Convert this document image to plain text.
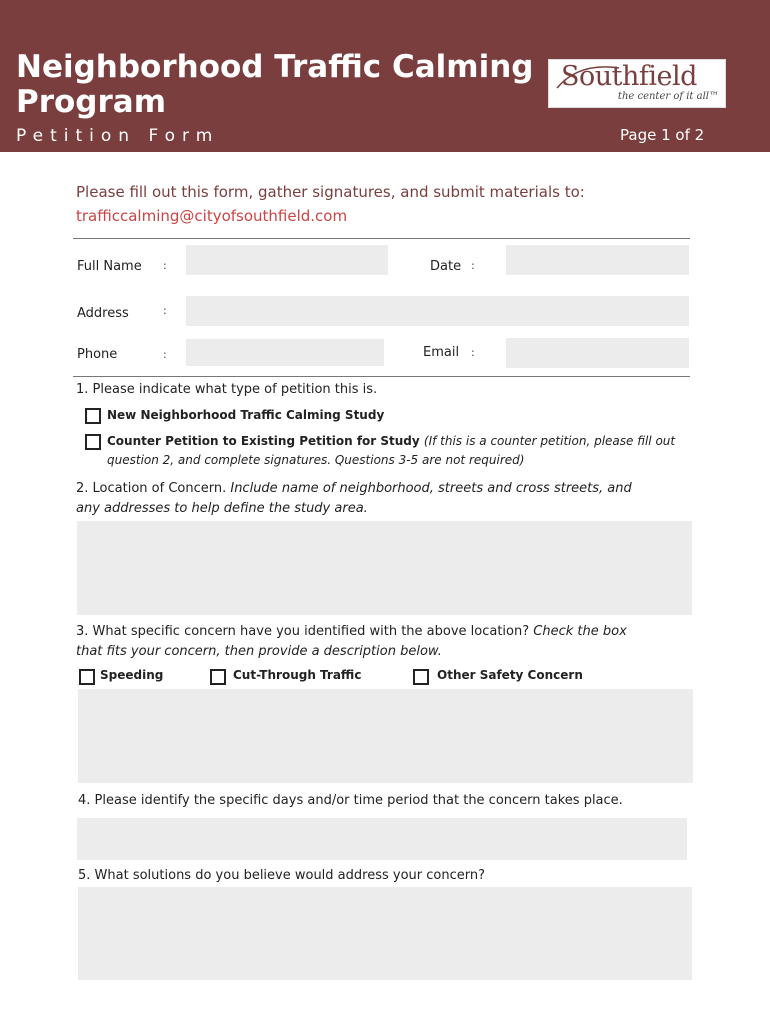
Neighborhood Traffic Calming Program
Petition Form	Page 1 of 2
Southfield
the center of it all™
Please fill out this form, gather signatures, and submit materials to:
trafficcalming@cityofsouthfield.com
Full Name :	Date :
Address	:
Phone	:	Email :
1. Please indicate what type of petition this is.
New Neighborhood Traffic Calming Study
Counter Petition to Existing Petition for Study (If this is a counter petition, please fill out
question 2, and complete signatures. Questions 3-5 are not required)
2. Location of Concern. Include name of neighborhood, streets and cross streets, and
any addresses to help define the study area.
3. What specific concern have you identified with the above location? Check the box
that fits your concern, then provide a description below.
Speeding	Cut-Through Traffic	Other Safety Concern
4. Please identify the specific days and/or time period that the concern takes place.
5. What solutions do you believe would address your concern?
